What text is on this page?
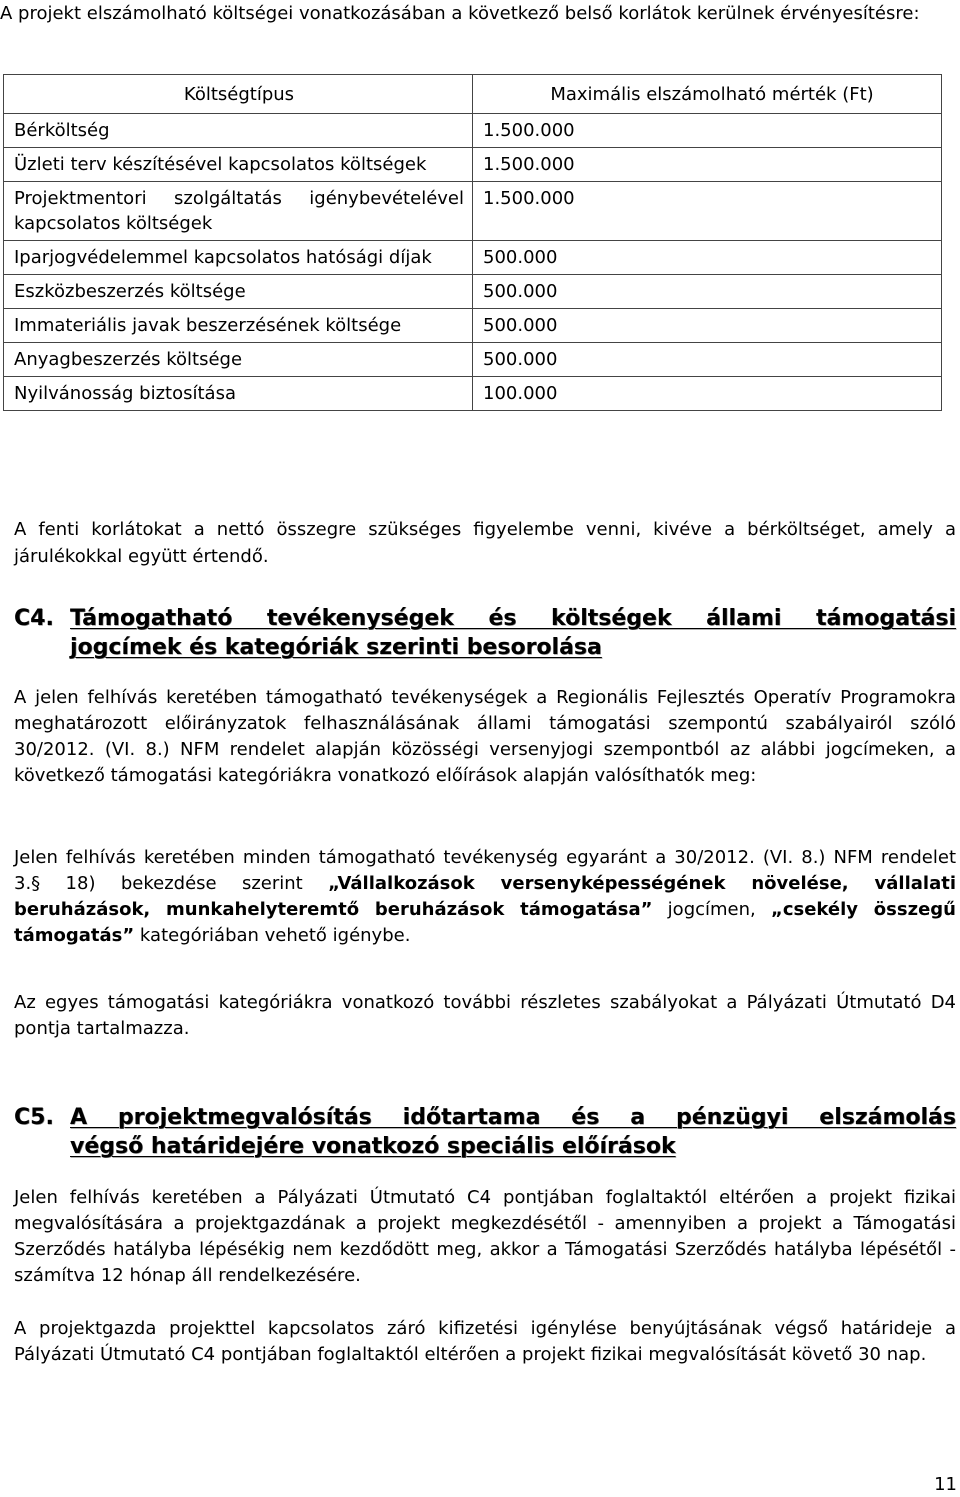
A projekt elszámolható költségei vonatkozásában a következő belső korlátok kerülnek érvényesítésre:
Költségtípus	Maximális elszámolható mérték (Ft)
Bérköltség	1.500.000
Üzleti terv készítésével kapcsolatos költségek	1.500.000
Projektmentori szolgáltatás igénybevételével kapcsolatos költségek	1.500.000
Iparjogvédelemmel kapcsolatos hatósági díjak	500.000
Eszközbeszerzés költsége	500.000
Immateriális javak beszerzésének költsége	500.000
Anyagbeszerzés költsége	500.000
Nyilvánosság biztosítása	100.000
A fenti korlátokat a nettó összegre szükséges figyelembe venni, kivéve a bérköltséget, amely a járulékokkal együtt értendő.
C4. Támogatható tevékenységek és költségek állami támogatási
jogcímek és kategóriák szerinti besorolása
A jelen felhívás keretében támogatható tevékenységek a Regionális Fejlesztés Operatív Programokra meghatározott előirányzatok felhasználásának állami támogatási szempontú szabályairól szóló 30/2012. (VI. 8.) NFM rendelet alapján közösségi versenyjogi szempontból az alábbi jogcímeken, a következő támogatási kategóriákra vonatkozó előírások alapján valósíthatók meg:
Jelen felhívás keretében minden támogatható tevékenység egyaránt a 30/2012. (VI. 8.) NFM rendelet 3.§ 18) bekezdése szerint „Vállalkozások versenyképességének növelése, vállalati beruházások, munkahelyteremtő beruházások támogatása” jogcímen, „csekély összegű támogatás” kategóriában vehető igénybe.
Az egyes támogatási kategóriákra vonatkozó további részletes szabályokat a Pályázati Útmutató D4 pontja tartalmazza.
C5. A projektmegvalósítás időtartama és a pénzügyi elszámolás
végső határidejére vonatkozó speciális előírások
Jelen felhívás keretében a Pályázati Útmutató C4 pontjában foglaltaktól eltérően a projekt fizikai megvalósítására a projektgazdának a projekt megkezdésétől - amennyiben a projekt a Támogatási Szerződés hatályba lépésékig nem kezdődött meg, akkor a Támogatási Szerződés hatályba lépésétől - számítva 12 hónap áll rendelkezésére.
A projektgazda projekttel kapcsolatos záró kifizetési igénylése benyújtásának végső határideje a Pályázati Útmutató C4 pontjában foglaltaktól eltérően a projekt fizikai megvalósítását követő 30 nap.
11
